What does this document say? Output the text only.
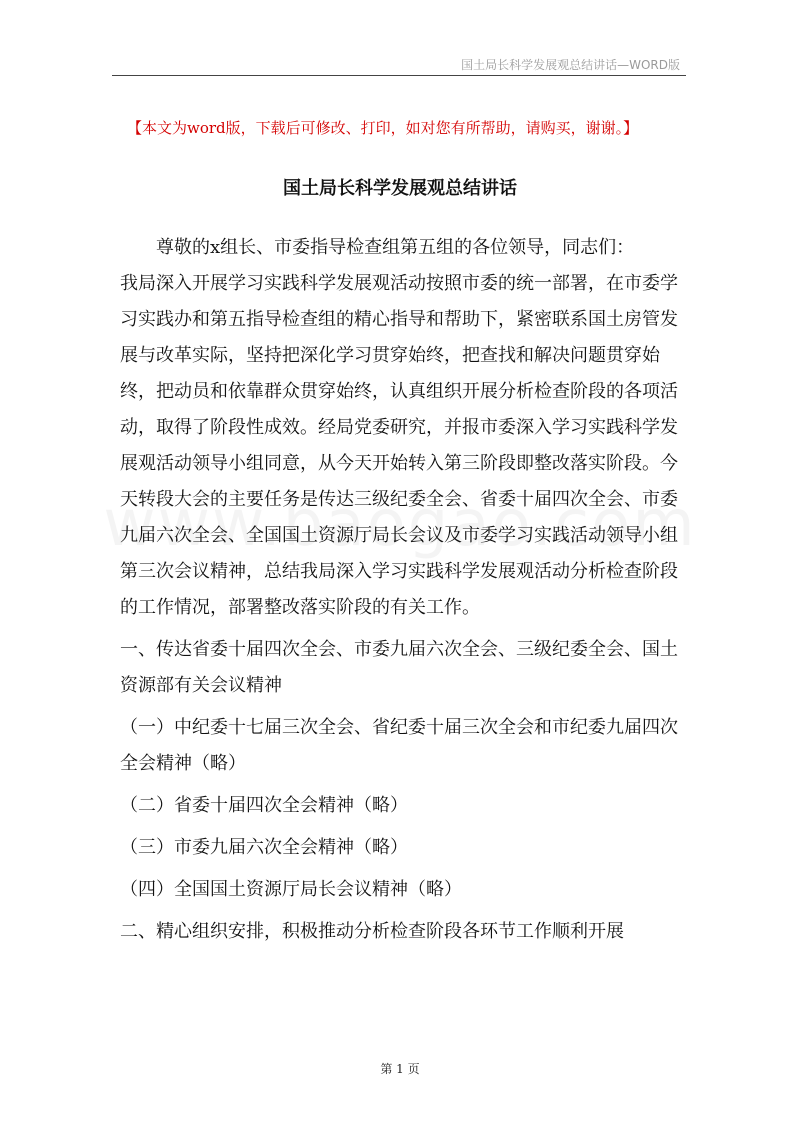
国土局长科学发展观总结讲话—WORD版
【本文为word版，下载后可修改、打印，如对您有所帮助，请购买，谢谢。】
国土局长科学发展观总结讲话

尊敬的x组长、市委指导检查组第五组的各位领导，同志们：

我局深入开展学习实践科学发展观活动按照市委的统一部署，在市委学习实践办和第五指导检查组的精心指导和帮助下，紧密联系国土房管发展与改革实际，坚持把深化学习贯穿始终，把查找和解决问题贯穿始终，把动员和依靠群众贯穿始终，认真组织开展分析检查阶段的各项活动，取得了阶段性成效。经局党委研究，并报市委深入学习实践科学发展观活动领导小组同意，从今天开始转入第三阶段即整改落实阶段。今天转段大会的主要任务是传达三级纪委全会、省委十届四次全会、市委九届六次全会、全国国土资源厅局长会议及市委学习实践活动领导小组第三次会议精神，总结我局深入学习实践科学发展观活动分析检查阶段的工作情况，部署整改落实阶段的有关工作。

一、传达省委十届四次全会、市委九届六次全会、三级纪委全会、国土资源部有关会议精神

（一）中纪委十七届三次全会、省纪委十届三次全会和市纪委九届四次全会精神（略）

（二）省委十届四次全会精神（略）

（三）市委九届六次全会精神（略）

（四）全国国土资源厅局长会议精神（略）

二、精心组织安排，积极推动分析检查阶段各环节工作顺利开展

第 1 页
